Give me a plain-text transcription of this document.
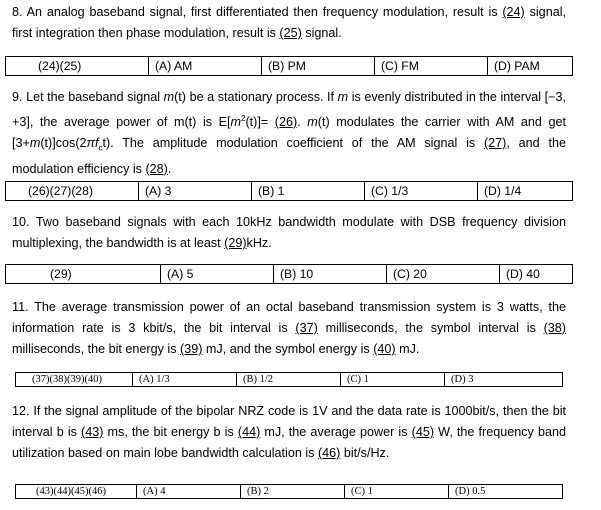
8. An analog baseband signal, first differentiated then frequency modulation, result is (24) signal, first integration then phase modulation, result is (25) signal.

(24)(25)	(A) AM	(B) PM	(C) FM	(D) PAM

9. Let the baseband signal m(t) be a stationary process. If m is evenly distributed in the interval [−3, +3], the average power of m(t) is $E[m^2(t)]= (26)$. m(t) modulates the carrier with AM and get $[3+m(t)]\cos(2\pi f_ct)$. The amplitude modulation coefficient of the AM signal is (27), and the modulation efficiency is (28).

(26)(27)(28)	(A) 3	(B) 1	(C) 1/3	(D) 1/4

10. Two baseband signals with each 10kHz bandwidth modulate with DSB frequency division multiplexing, the bandwidth is at least (29)kHz.

(29)	(A) 5	(B) 10	(C) 20	(D) 40

11. The average transmission power of an octal baseband transmission system is 3 watts, the information rate is 3 kbit/s, the bit interval is (37) milliseconds, the symbol interval is (38) milliseconds, the bit energy is (39) mJ, and the symbol energy is (40) mJ.

(37)(38)(39)(40)	(A) 1/3	(B) 1/2	(C) 1	(D) 3

12. If the signal amplitude of the bipolar NRZ code is 1V and the data rate is 1000bit/s, then the bit interval b is (43) ms, the bit energy b is (44) mJ, the average power is (45) W, the frequency band utilization based on main lobe bandwidth calculation is (46) bit/s/Hz.

(43)(44)(45)(46)	(A) 4	(B) 2	(C) 1	(D) 0.5
